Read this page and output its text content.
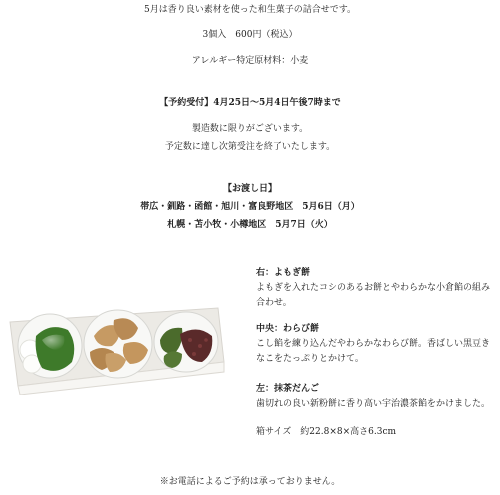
5月は香り良い素材を使った和生菓子の詰合せです。
3個入　600円（税込）
アレルギー特定原材料：小麦
【予約受付】4月25日〜5月4日午後7時まで
製造数に限りがございます。
予定数に達し次第受注を終了いたします。
【お渡し日】
帯広・釧路・函館・旭川・富良野地区　5月6日（月）
札幌・苫小牧・小樽地区　5月7日（火）
右：よもぎ餅
よもぎを入れたコシのあるお餅とやわらかな小倉餡の組み合わせ。
中央：わらび餅
こし餡を練り込んだやわらかなわらび餅。香ばしい黒豆きなこをたっぷりとかけて。
左：抹茶だんご
歯切れの良い新粉餅に香り高い宇治濃茶餡をかけました。
箱サイズ　約22.8×8×高さ6.3cm
※お電話によるご予約は承っておりません。
